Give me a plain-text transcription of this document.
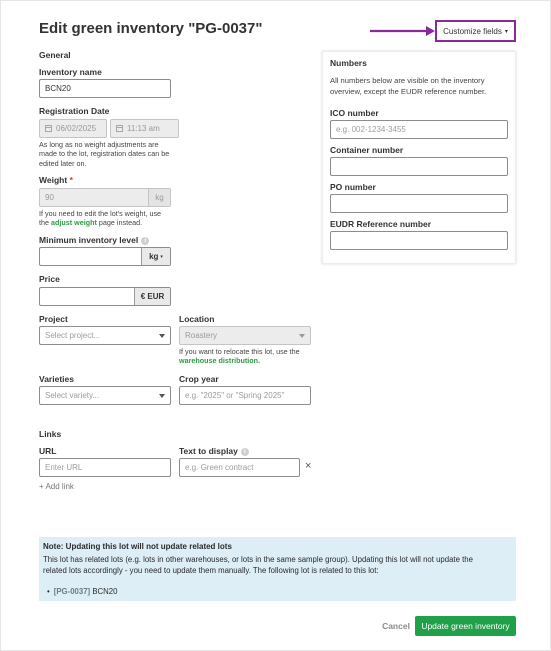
Edit green inventory "PG-0037"	Customize fields ▾
General
Inventory name
BCN20
Registration Date
06/02/2025	11:13 am
As long as no weight adjustments are
made to the lot, registration dates can be
edited later on.
Weight *
90	kg
If you need to edit the lot's weight, use
the adjust weight page instead.
Minimum inventory level i
kg ▾
Price
€ EUR
Project
Select project...
Location
Roastery
If you want to relocate this lot, use the
warehouse distribution.
Varieties
Select variety...
Crop year
e.g. "2025" or "Spring 2025"
Links
URL
Enter URL
Text to display i
e.g. Green contract	×
+ Add link
Numbers
All numbers below are visible on the inventory
overview, except the EUDR reference number.
ICO number
e.g. 002-1234-3455
Container number
PO number
EUDR Reference number
Note: Updating this lot will not update related lots
This lot has related lots (e.g. lots in other warehouses, or lots in the same sample group). Updating this lot will not update the
related lots accordingly - you need to update them manually. The following lot is related to this lot:
• [PG-0037] BCN20
Cancel	Update green inventory
